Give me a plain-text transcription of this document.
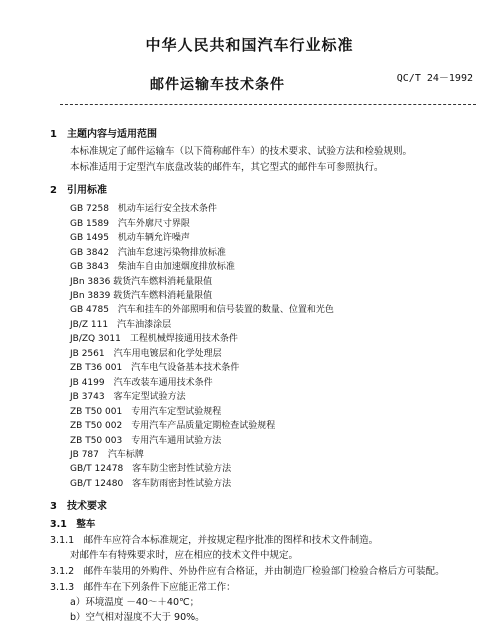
中华人民共和国汽车行业标准
QC/T 24－1992
邮件运输车技术条件
1　主题内容与适用范围
本标准规定了邮件运输车（以下简称邮件车）的技术要求、试验方法和检验规则。
本标准适用于定型汽车底盘改装的邮件车，其它型式的邮件车可参照执行。
2　引用标准
GB 7258　机动车运行安全技术条件
GB 1589　汽车外廓尺寸界限
GB 1495　机动车辆允许噪声
GB 3842　汽油车怠速污染物排放标准
GB 3843　柴油车自由加速烟度排放标准
JBn 3836 载货汽车燃料消耗量限值
JBn 3839 载货汽车燃料消耗量限值
GB 4785　汽车和挂车的外部照明和信号装置的数量、位置和光色
JB/Z 111　汽车油漆涂层
JB/ZQ 3011　工程机械焊接通用技术条件
JB 2561　汽车用电镀层和化学处理层
ZB T36 001　汽车电气设备基本技术条件
JB 4199　汽车改装车通用技术条件
JB 3743　客车定型试验方法
ZB T50 001　专用汽车定型试验规程
ZB T50 002　专用汽车产品质量定期检查试验规程
ZB T50 003　专用汽车通用试验方法
JB 787　汽车标牌
GB/T 12478　客车防尘密封性试验方法
GB/T 12480　客车防雨密封性试验方法
3　技术要求
3.1　整车
3.1.1　邮件车应符合本标准规定，并按规定程序批准的图样和技术文件制造。
对邮件车有特殊要求时，应在相应的技术文件中规定。
3.1.2　邮件车装用的外购件、外协件应有合格证，并由制造厂检验部门检验合格后方可装配。
3.1.3　邮件车在下列条件下应能正常工作：
a）环境温度 －40～＋40℃；
b）空气相对湿度不大于 90%。
